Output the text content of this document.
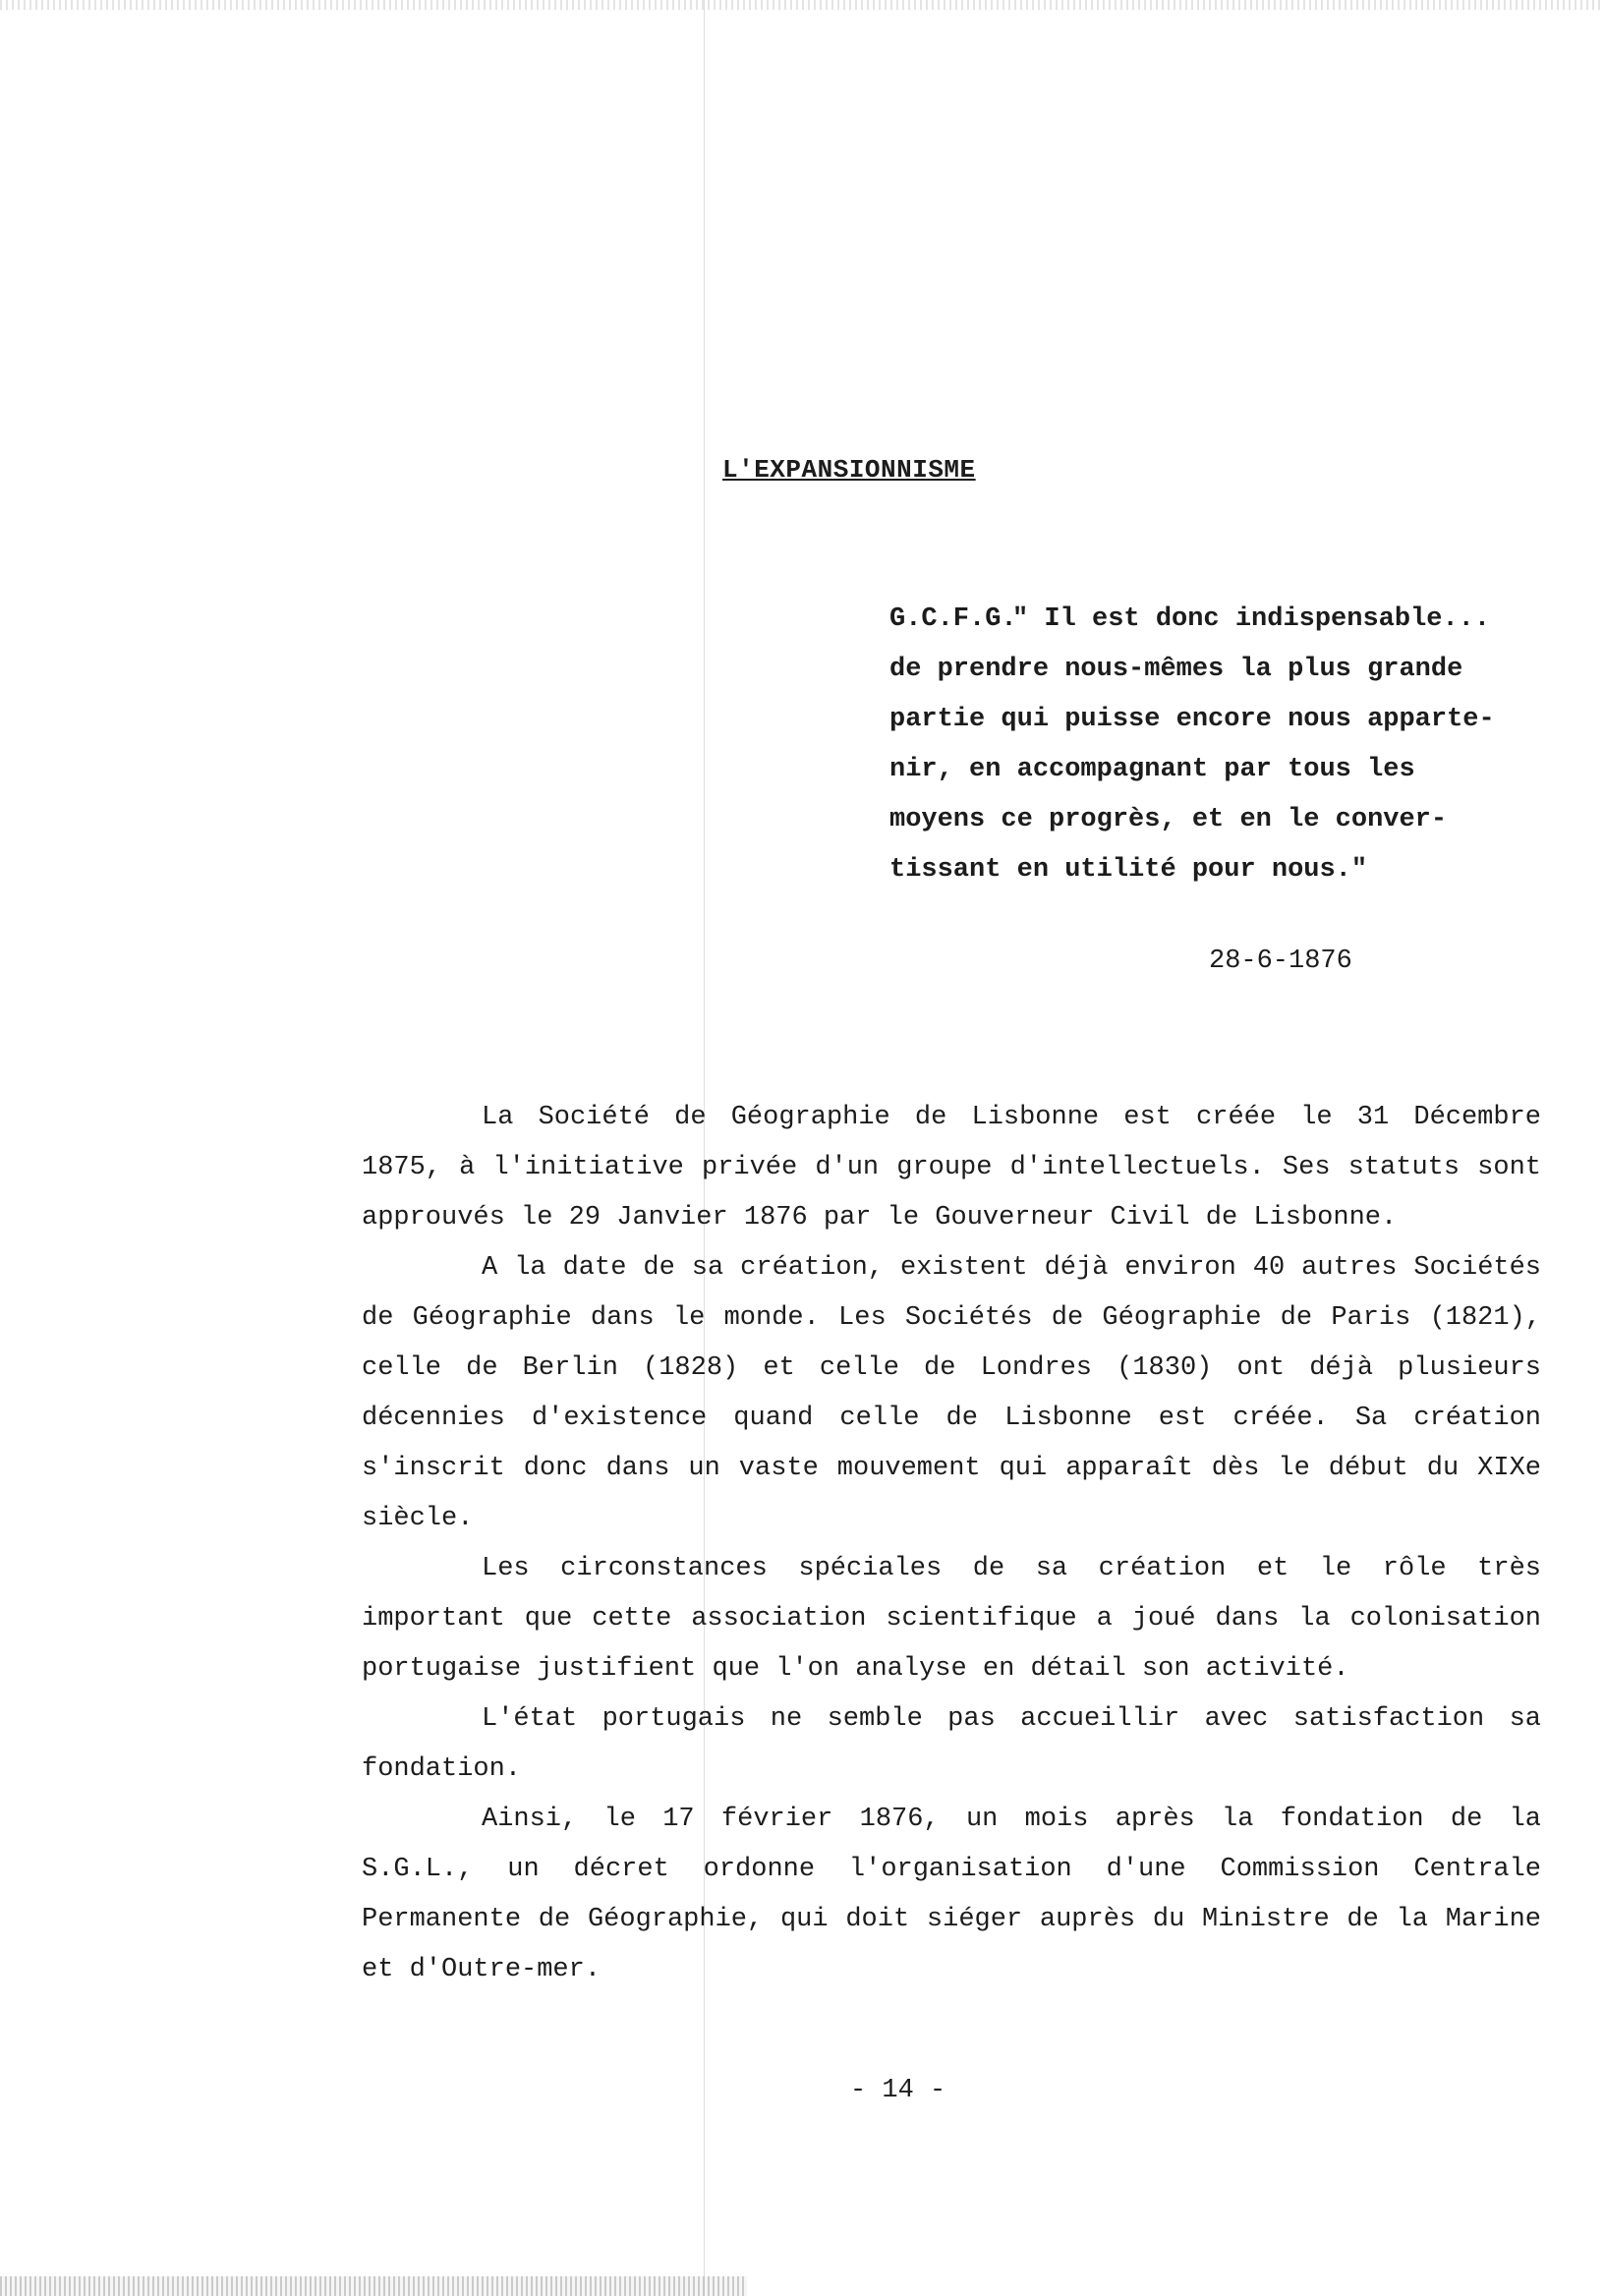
L'EXPANSIONNISME
" Il est donc indispensable...
de prendre nous-mêmes la plus grande
partie qui puisse encore nous apparte-
nir, en accompagnant par tous les
moyens ce progrès, et en le conver-
tissant en utilité pour nous."
G.C.F.G.
28-6-1876

La Société de Géographie de Lisbonne est créée le 31 Décembre 1875, à l'initiative privée d'un groupe d'intellectuels. Ses statuts sont approuvés le 29 Janvier 1876 par le Gouverneur Civil de Lisbonne.

A la date de sa création, existent déjà environ 40 autres Sociétés de Géographie dans le monde. Les Sociétés de Géographie de Paris (1821), celle de Berlin (1828) et celle de Londres (1830) ont déjà plusieurs décennies d'existence quand celle de Lisbonne est créée. Sa création s'inscrit donc dans un vaste mouvement qui apparaît dès le début du XIXe siècle.

Les circonstances spéciales de sa création et le rôle très important que cette association scientifique a joué dans la colonisation portugaise justifient que l'on analyse en détail son activité.

L'état portugais ne semble pas accueillir avec satisfaction sa fondation.

Ainsi, le 17 février 1876, un mois après la fondation de la S.G.L., un décret ordonne l'organisation d'une Commission Centrale Permanente de Géographie, qui doit siéger auprès du Ministre de la Marine et d'Outre-mer.

- 14 -
